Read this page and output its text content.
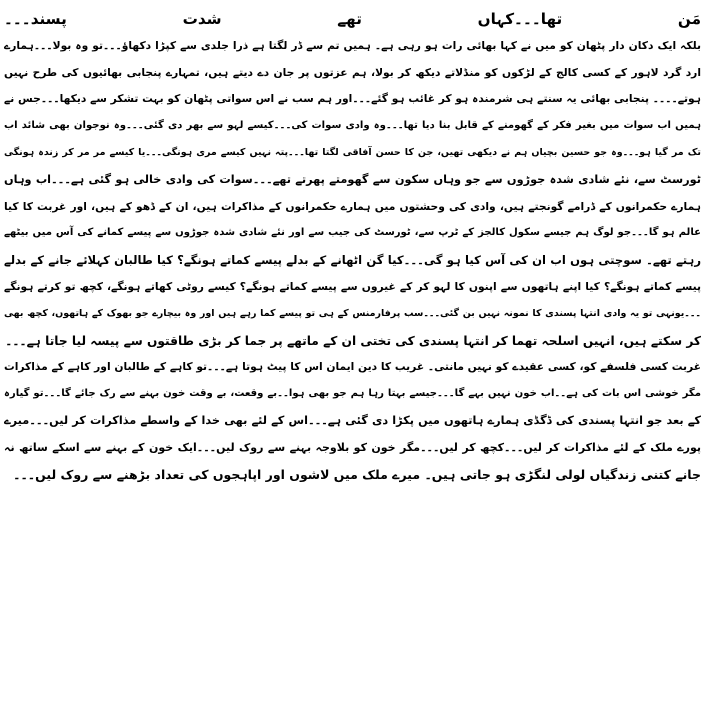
مَن تھا۔۔۔کہاں تھے شدت پسند۔۔۔
بلکہ ایک دکان دار پٹھان کو میں نے کہا بھائی رات ہو رہی ہے۔ ہمیں تم سے ڈر لگتا ہے ذرا جلدی سے کپڑا دکھاؤ۔۔۔تو وہ بولا۔۔۔ہمارے
ارد گرد لاہور کے کسی کالج کے لڑکوں کو منڈلاتے دیکھ کر بولا، ہم عزتوں پر جان دے دیتے ہیں، تمہارے پنجابی بھائیوں کی طرح نہیں
ہوتے۔۔۔۔ پنجابی بھائی یہ سنتے ہی شرمندہ ہو کر غائب ہو گئے۔۔۔اور ہم سب نے اس سواتی پٹھان کو بہت تشکر سے دیکھا۔۔۔جس نے
ہمیں اب سوات میں بغیر فکر کے گھومنے کے قابل بنا دیا تھا۔۔۔وہ وادی سوات کی۔۔۔کیسے لہو سے بھر دی گئی۔۔۔وہ نوجوان بھی شائد اب
تک مر گیا ہو۔۔۔وہ جو حسین بچیاں ہم نے دیکھی تھیں، جن کا حسن آفاقی لگتا تھا۔۔۔پتہ نہیں کیسے مری ہونگی۔۔۔یا کیسے مر مر کر زندہ ہونگی
ٹورسٹ سے، نئے شادی شدہ جوڑوں سے جو وہاں سکون سے گھومتے پھرتے تھے۔۔۔سوات کی وادی خالی ہو گئی ہے۔۔۔اب وہاں
ہمارے حکمرانوں کے ڈرامے گونجتے ہیں، وادی کی وحشتوں میں ہمارے حکمرانوں کے مذاکرات ہیں، ان کے ڈھو کے ہیں، اور غربت کا کیا
عالم ہو گا۔۔۔جو لوگ ہم جیسے سکول کالجز کے ٹرپ سے، ٹورسٹ کی جیب سے اور نئے شادی شدہ جوڑوں سے پیسے کمانے کی آس میں بیٹھے
رہتے تھے۔ سوچتی ہوں اب ان کی آس کیا ہو گی۔۔۔کیا گن اٹھانے کے بدلے پیسے کماتے ہونگے؟ کیا طالبان کہلائے جانے کے بدلے
پیسے کماتے ہونگے؟ کیا اپنے ہاتھوں سے اپنوں کا لہو کر کے غیروں سے پیسے کماتے ہونگے؟ کیسے روٹی کھاتے ہونگے، کچھ تو کرتے ہونگے
۔۔۔یونہی تو یہ وادی انتہا پسندی کا نمونہ نہیں بن گئی۔۔۔سب پرفارمنس کے ہی تو پیسے کما رہے ہیں اور وہ بیچارے جو بھوک کے ہاتھوں، کچھ بھی
کر سکتے ہیں، انہیں اسلحہ تھما کر انتہا پسندی کی تختی ان کے ماتھے پر جما کر بڑی طاقتوں سے پیسہ لیا جاتا ہے۔۔۔
غربت کسی فلسفے کو، کسی عقیدے کو نہیں مانتی۔ غریب کا دین ایمان اس کا پیٹ ہوتا ہے۔۔۔تو کاہے کے طالبان اور کاہے کے مذاکرات
مگر خوشی اس بات کی ہے۔۔اب خون نہیں بہے گا۔۔۔جیسے بہتا رہا ہم جو بھی ہوا۔۔بے وقعت، بے وقت خون بہنے سے رک جائے گا۔۔۔تو گیارہ
کے بعد جو انتہا پسندی کی ڈگڈی ہمارے ہاتھوں میں پکڑا دی گئی ہے۔۔۔اس کے لئے بھی خدا کے واسطے مذاکرات کر لیں۔۔۔میرے
پورے ملک کے لئے مذاکرات کر لیں۔۔۔کچھ کر لیں۔۔۔مگر خون کو بلاوجہ بہنے سے روک لیں۔۔۔ایک خون کے بہنے سے اسکے ساتھ نہ
جانے کتنی زندگیاں لولی لنگڑی ہو جاتی ہیں۔ میرے ملک میں لاشوں اور اپاہجوں کی تعداد بڑھنے سے روک لیں۔۔۔
